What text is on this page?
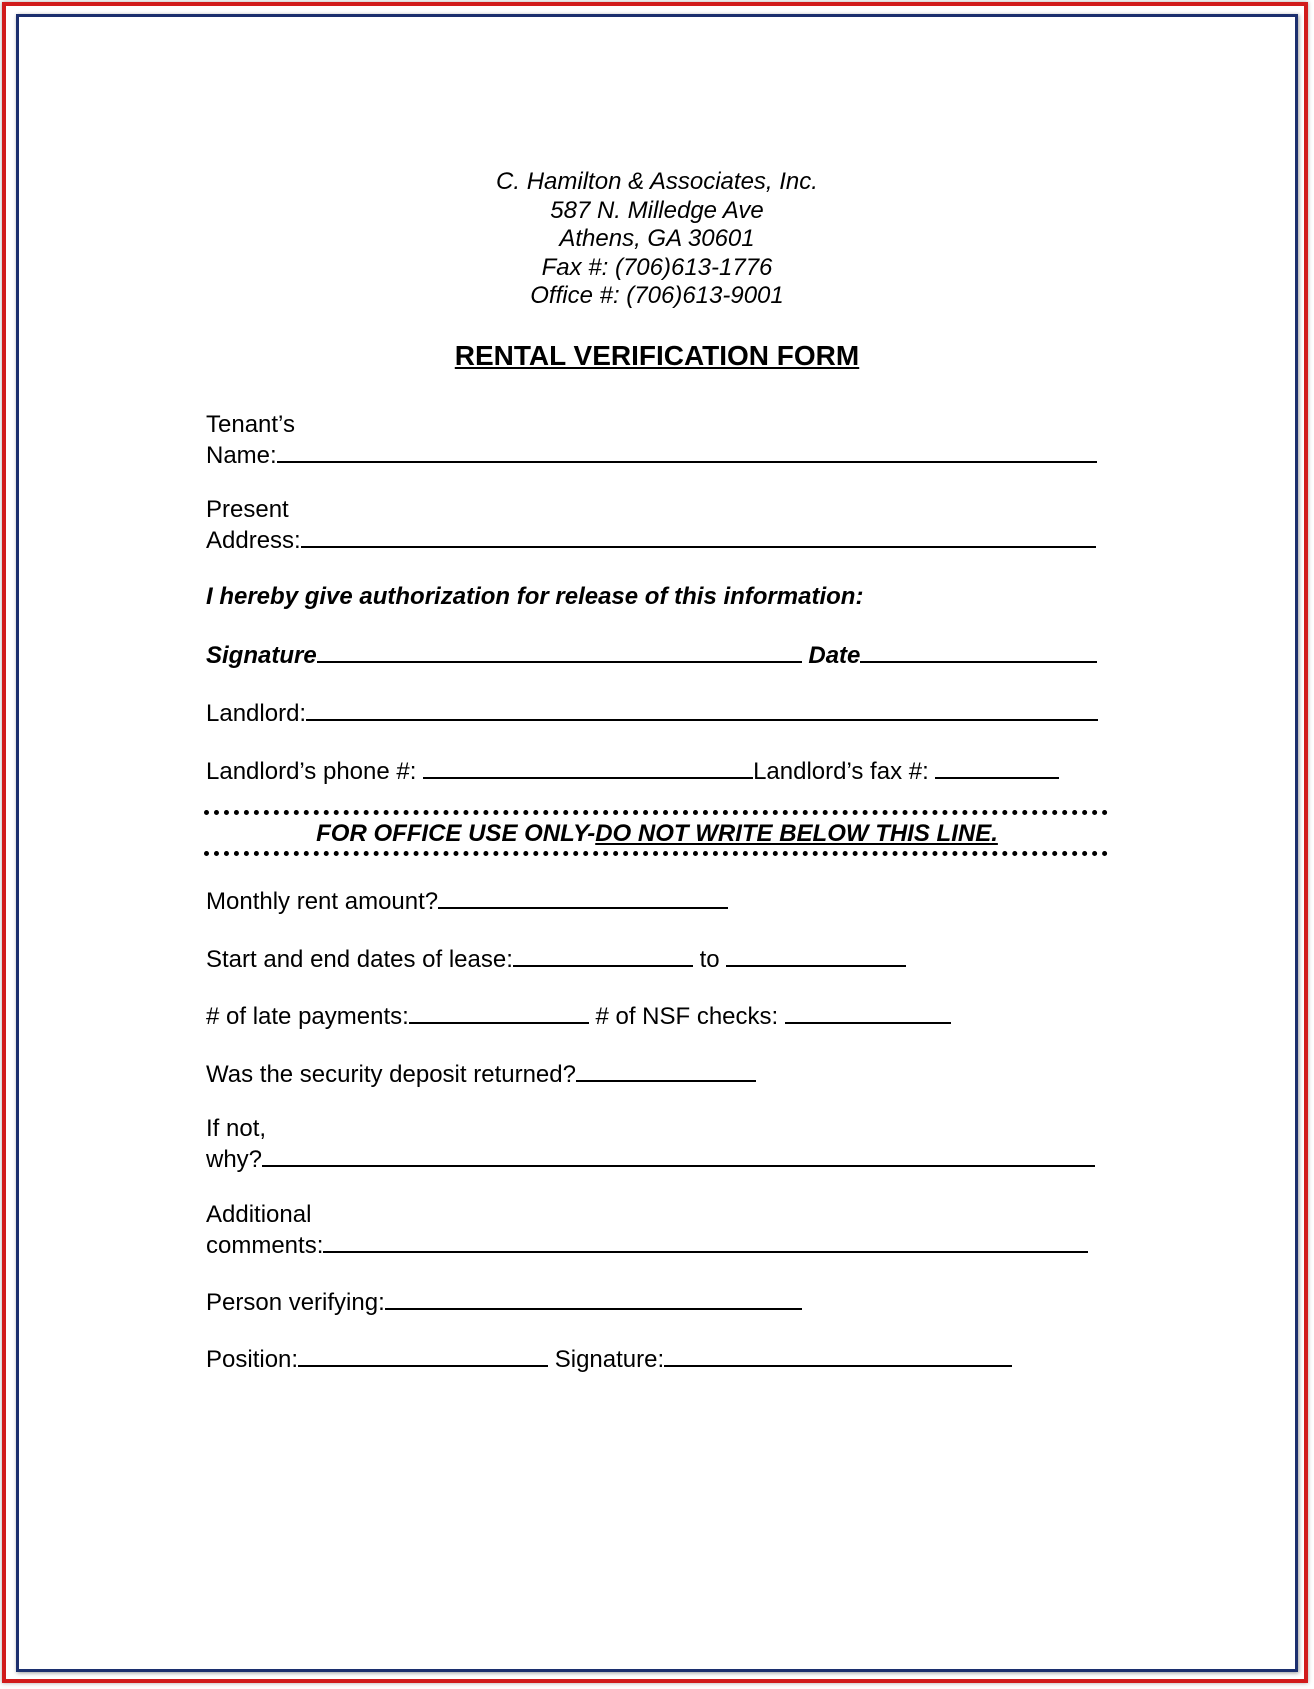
C. Hamilton & Associates, Inc.
587 N. Milledge Ave
Athens, GA 30601
Fax #: (706)613-1776
Office #: (706)613-9001
RENTAL VERIFICATION FORM
Tenant’s
Name:
Present
Address:
I hereby give authorization for release of this information:
Signature	Date
Landlord:
Landlord’s phone #:	Landlord’s fax #:
FOR OFFICE USE ONLY-DO NOT WRITE BELOW THIS LINE.
Monthly rent amount?
Start and end dates of lease:	to
# of late payments:	# of NSF checks:
Was the security deposit returned?
If not,
why?
Additional
comments:
Person verifying:
Position:	Signature:
